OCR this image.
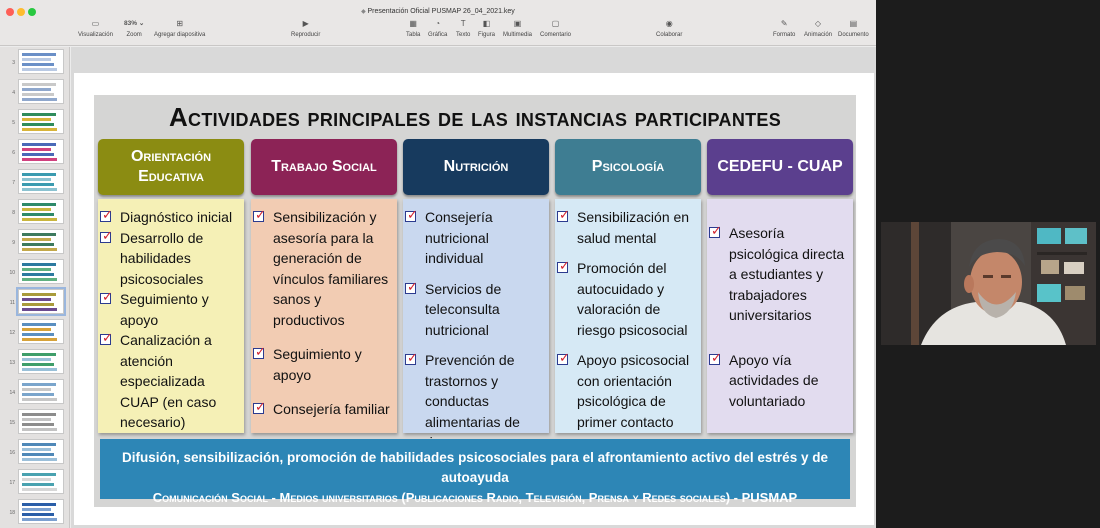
◆ Presentación Oficial PUSMAP 26_04_2021.key
▭
Visualización
83% ⌄
Zoom
⊞
Agregar diapositiva
▶
Reproducir
▦
Tabla
◔
Gráfica
T
Texto
◧
Figura
▣
Multimedia
▢
Comentario
◉
Colaborar
✎
Formato
◇
Animación
▤
Documento
3
4
5
6
7
8
9
10
11
12
13
14
15
16
17
18
Actividades principales de las instancias participantes
Orientación Educativa
✓
Diagnóstico inicial
✓
Desarrollo de habilidades psicosociales
✓
Seguimiento y apoyo
✓
Canalización a atención especializada CUAP (en caso necesario)
Trabajo Social
✓
Sensibilización y asesoría para la generación de vínculos familiares sanos y productivos
✓
Seguimiento y apoyo
✓
Consejería familiar
Nutrición
✓
Consejería nutricional individual
✓
Servicios de teleconsulta nutricional
✓
Prevención de trastornos y conductas alimentarias de
Psicología
✓
Sensibilización en salud mental
✓
Promoción del autocuidado y valoración de riesgo psicosocial
✓
Apoyo psicosocial con orientación psicológica de primer contacto
CEDEFU - CUAP
✓
Asesoría psicológica directa a estudiantes y trabajadores universitarios
✓
Apoyo vía actividades de voluntariado
Difusión, sensibilización, promoción de habilidades psicosociales para el afrontamiento activo del estrés y de autoayuda
Comunicación Social - Medios universitarios (Publicaciones Radio, Televisión, Prensa y Redes sociales) - PUSMAP
